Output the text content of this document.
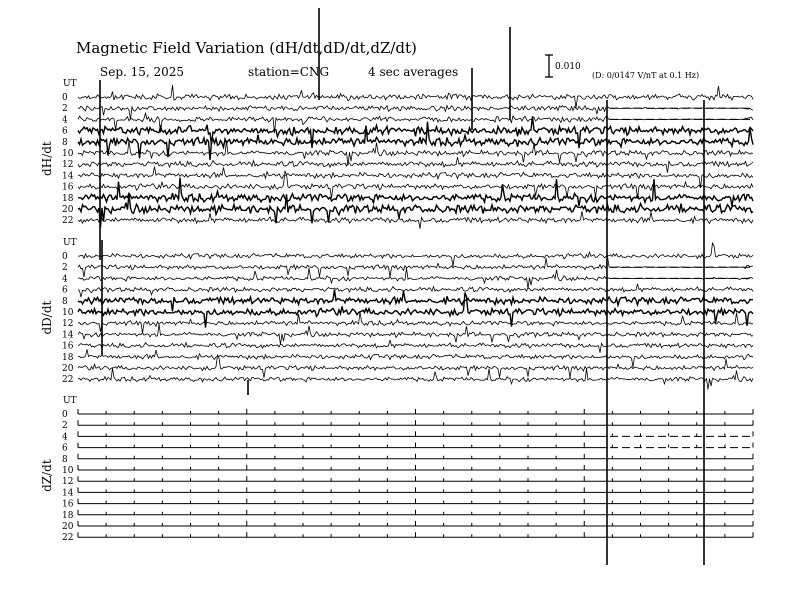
Magnetic Field Variation (dH/dt,dD/dt,dZ/dt)
Sep. 15, 2025	station=CNG	4 sec averages	0.010
(D: 0/0147 V/nT at 0.1 Hz)
UT
dH/dt
0
2
4
6
8
10
12
14
16
18
20
22
UT
dD/dt
0
2
4
6
8
10
12
14
16
18
20
22
UT
dZ/dt
0
2
4
6
8
10
12
14
16
18
20
22
